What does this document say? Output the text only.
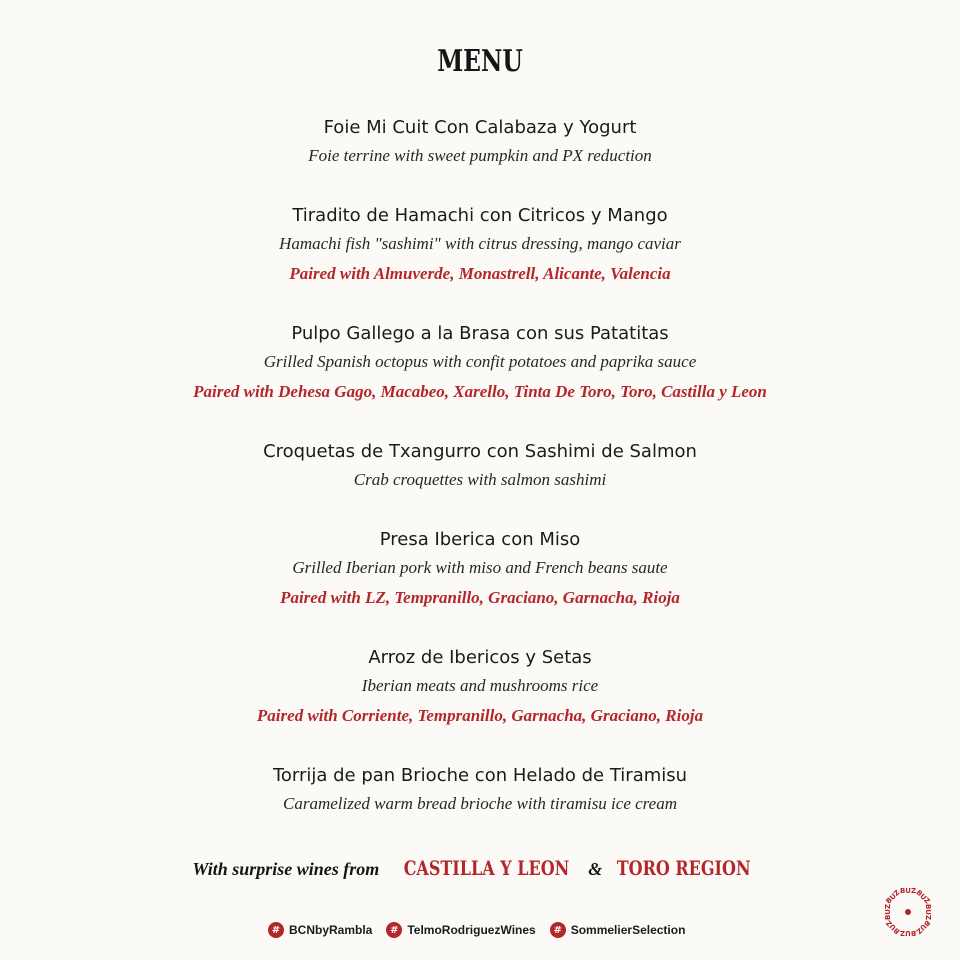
MENU
Foie Mi Cuit Con Calabaza y Yogurt
Foie terrine with sweet pumpkin and PX reduction
Tiradito de Hamachi con Citricos y Mango
Hamachi fish "sashimi" with citrus dressing, mango caviar
Paired with Almuverde, Monastrell, Alicante, Valencia
Pulpo Gallego a la Brasa con sus Patatitas
Grilled Spanish octopus with confit potatoes and paprika sauce
Paired with Dehesa Gago, Macabeo, Xarello, Tinta De Toro, Toro, Castilla y Leon
Croquetas de Txangurro con Sashimi de Salmon
Crab croquettes with salmon sashimi
Presa Iberica con Miso
Grilled Iberian pork with miso and French beans saute
Paired with LZ, Tempranillo, Graciano, Garnacha, Rioja
Arroz de Ibericos y Setas
Iberian meats and mushrooms rice
Paired with Corriente, Tempranillo, Garnacha, Graciano, Rioja
Torrija de pan Brioche con Helado de Tiramisu
Caramelized warm bread brioche with tiramisu ice cream
With surprise wines from CASTILLA Y LEON & TORO REGION
# BCNbyRambla	# TelmoRodriguezWines	# SommelierSelection
BUZ
BUZ
BUZ	BUZ
BUZ BUZ
BUZ BUZ
